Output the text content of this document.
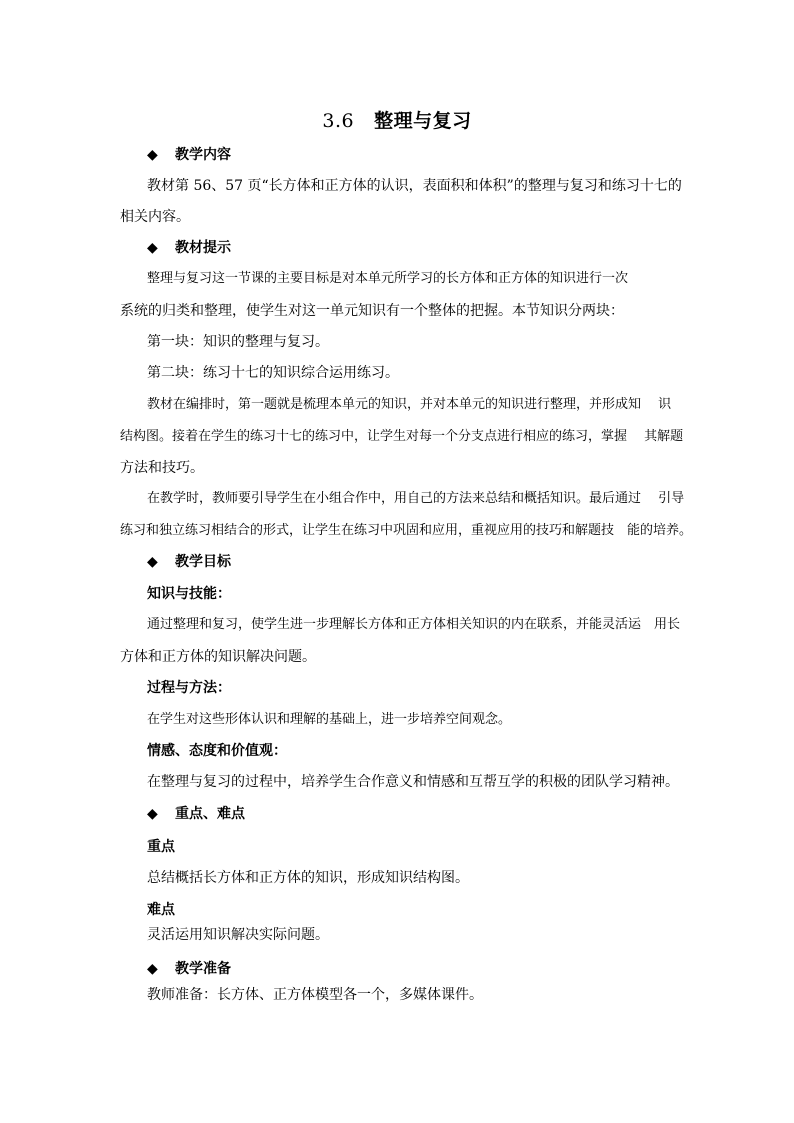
3.6 整理与复习
◆ 教学内容
教材第 56、57 页“长方体和正方体的认识，表面积和体积”的整理与复习和练习十七的
相关内容。
◆ 教材提示
整理与复习这一节课的主要目标是对本单元所学习的长方体和正方体的知识进行一次
系统的归类和整理，使学生对这一单元知识有一个整体的把握。本节知识分两块：
第一块：知识的整理与复习。
第二块：练习十七的知识综合运用练习。
教材在编排时，第一题就是梳理本单元的知识，并对本单元的知识进行整理，并形成知　 识
结构图。接着在学生的练习十七的练习中，让学生对每一个分支点进行相应的练习，掌握　 其解题
方法和技巧。
在教学时，教师要引导学生在小组合作中，用自己的方法来总结和概括知识。最后通过　 引导
练习和独立练习相结合的形式，让学生在练习中巩固和应用，重视应用的技巧和解题技　能的培养。
◆ 教学目标
知识与技能：
通过整理和复习，使学生进一步理解长方体和正方体相关知识的内在联系，并能灵活运　用长
方体和正方体的知识解决问题。
过程与方法：
在学生对这些形体认识和理解的基础上，进一步培养空间观念。
情感、态度和价值观：
在整理与复习的过程中，培养学生合作意义和情感和互帮互学的积极的团队学习精神。
◆ 重点、难点
重点
总结概括长方体和正方体的知识，形成知识结构图。
难点
灵活运用知识解决实际问题。
◆ 教学准备
教师准备：长方体、正方体模型各一个，多媒体课件。
